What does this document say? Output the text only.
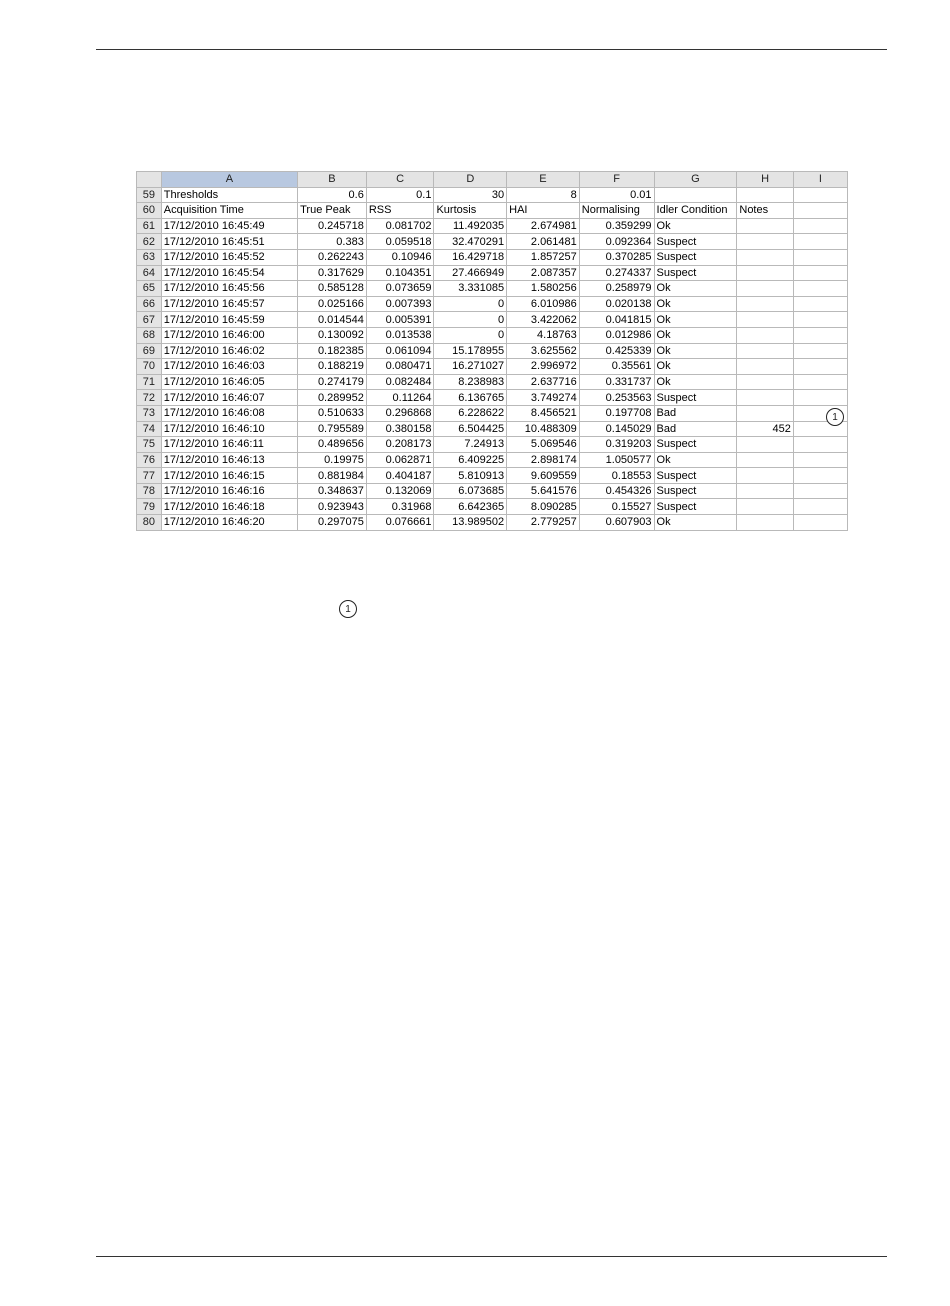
	A	B	C	D	E	F	G	H	I
59	Thresholds	0.6	0.1	30	8	0.01			
60	Acquisition Time	True Peak	RSS	Kurtosis	HAI	Normalising	Idler Condition	Notes	
61	17/12/2010 16:45:49	0.245718	0.081702	11.492035	2.674981	0.359299	Ok		
62	17/12/2010 16:45:51	0.383	0.059518	32.470291	2.061481	0.092364	Suspect		
63	17/12/2010 16:45:52	0.262243	0.10946	16.429718	1.857257	0.370285	Suspect		
64	17/12/2010 16:45:54	0.317629	0.104351	27.466949	2.087357	0.274337	Suspect		
65	17/12/2010 16:45:56	0.585128	0.073659	3.331085	1.580256	0.258979	Ok		
66	17/12/2010 16:45:57	0.025166	0.007393	0	6.010986	0.020138	Ok		
67	17/12/2010 16:45:59	0.014544	0.005391	0	3.422062	0.041815	Ok		
68	17/12/2010 16:46:00	0.130092	0.013538	0	4.18763	0.012986	Ok		
69	17/12/2010 16:46:02	0.182385	0.061094	15.178955	3.625562	0.425339	Ok		
70	17/12/2010 16:46:03	0.188219	0.080471	16.271027	2.996972	0.35561	Ok		
71	17/12/2010 16:46:05	0.274179	0.082484	8.238983	2.637716	0.331737	Ok		
72	17/12/2010 16:46:07	0.289952	0.11264	6.136765	3.749274	0.253563	Suspect		
73	17/12/2010 16:46:08	0.510633	0.296868	6.228622	8.456521	0.197708	Bad		
74	17/12/2010 16:46:10	0.795589	0.380158	6.504425	10.488309	0.145029	Bad	452	
75	17/12/2010 16:46:11	0.489656	0.208173	7.24913	5.069546	0.319203	Suspect		
76	17/12/2010 16:46:13	0.19975	0.062871	6.409225	2.898174	1.050577	Ok		
77	17/12/2010 16:46:15	0.881984	0.404187	5.810913	9.609559	0.18553	Suspect		
78	17/12/2010 16:46:16	0.348637	0.132069	6.073685	5.641576	0.454326	Suspect		
79	17/12/2010 16:46:18	0.923943	0.31968	6.642365	8.090285	0.15527	Suspect		
80	17/12/2010 16:46:20	0.297075	0.076661	13.989502	2.779257	0.607903	Ok		
1
1
